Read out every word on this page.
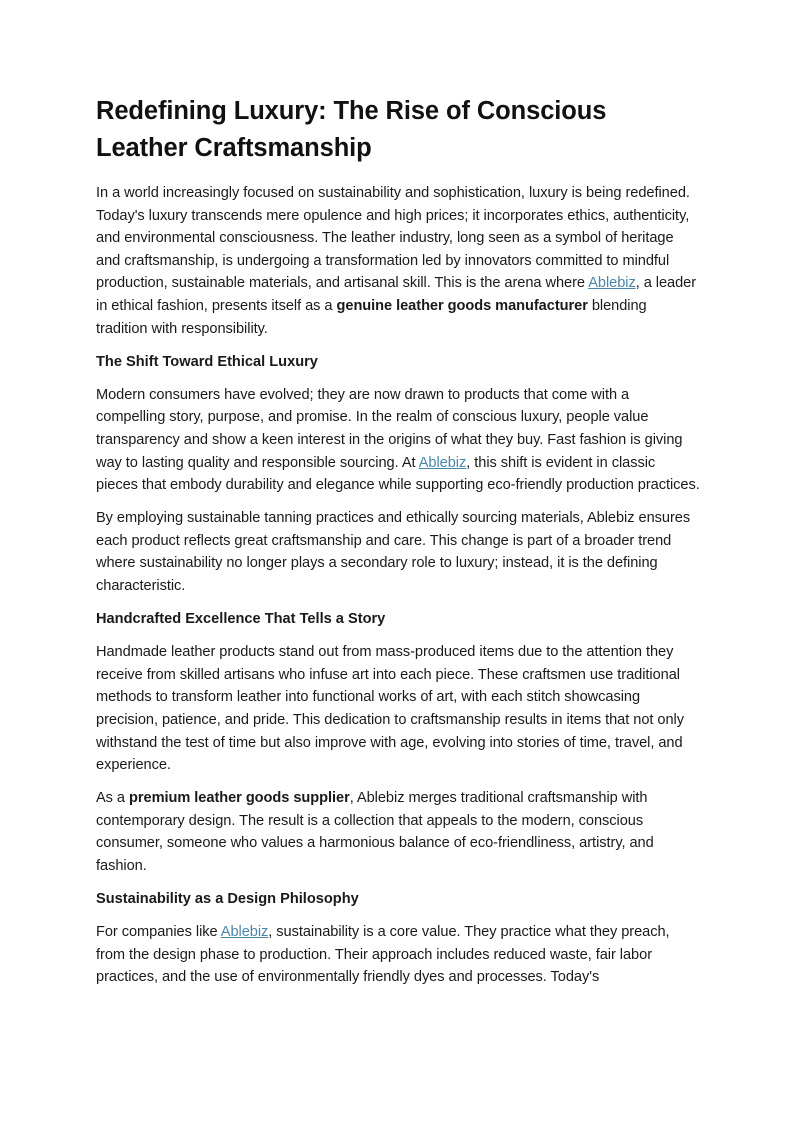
Redefining Luxury: The Rise of Conscious Leather Craftsmanship

In a world increasingly focused on sustainability and sophistication, luxury is being redefined. Today's luxury transcends mere opulence and high prices; it incorporates ethics, authenticity, and environmental consciousness. The leather industry, long seen as a symbol of heritage and craftsmanship, is undergoing a transformation led by innovators committed to mindful production, sustainable materials, and artisanal skill. This is the arena where Ablebiz, a leader in ethical fashion, presents itself as a genuine leather goods manufacturer blending tradition with responsibility.

The Shift Toward Ethical Luxury

Modern consumers have evolved; they are now drawn to products that come with a compelling story, purpose, and promise. In the realm of conscious luxury, people value transparency and show a keen interest in the origins of what they buy. Fast fashion is giving way to lasting quality and responsible sourcing. At Ablebiz, this shift is evident in classic pieces that embody durability and elegance while supporting eco-friendly production practices.

By employing sustainable tanning practices and ethically sourcing materials, Ablebiz ensures each product reflects great craftsmanship and care. This change is part of a broader trend where sustainability no longer plays a secondary role to luxury; instead, it is the defining characteristic.

Handcrafted Excellence That Tells a Story

Handmade leather products stand out from mass-produced items due to the attention they receive from skilled artisans who infuse art into each piece. These craftsmen use traditional methods to transform leather into functional works of art, with each stitch showcasing precision, patience, and pride. This dedication to craftsmanship results in items that not only withstand the test of time but also improve with age, evolving into stories of time, travel, and experience.

As a premium leather goods supplier, Ablebiz merges traditional craftsmanship with contemporary design. The result is a collection that appeals to the modern, conscious consumer, someone who values a harmonious balance of eco-friendliness, artistry, and fashion.

Sustainability as a Design Philosophy

For companies like Ablebiz, sustainability is a core value. They practice what they preach, from the design phase to production. Their approach includes reduced waste, fair labor practices, and the use of environmentally friendly dyes and processes. Today's
